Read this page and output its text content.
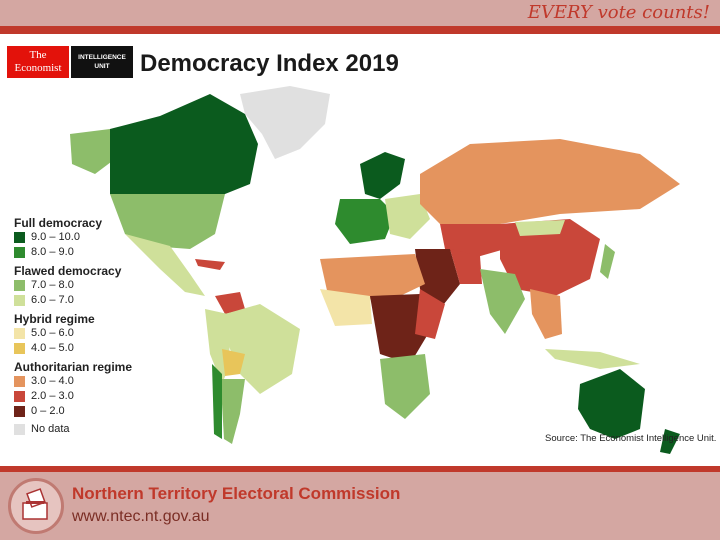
EVERY vote counts!
The Economist
INTELLIGENCE UNIT	Democracy Index 2019
Full democracy
9.0 – 10.0
8.0 – 9.0
Flawed democracy
7.0 – 8.0
6.0 – 7.0
Hybrid regime
5.0 – 6.0
4.0 – 5.0
Authoritarian regime
3.0 – 4.0
2.0 – 3.0
0 – 2.0
No data
Source: The Economist Intelligence Unit.
Northern Territory Electoral Commission
www.ntec.nt.gov.au
